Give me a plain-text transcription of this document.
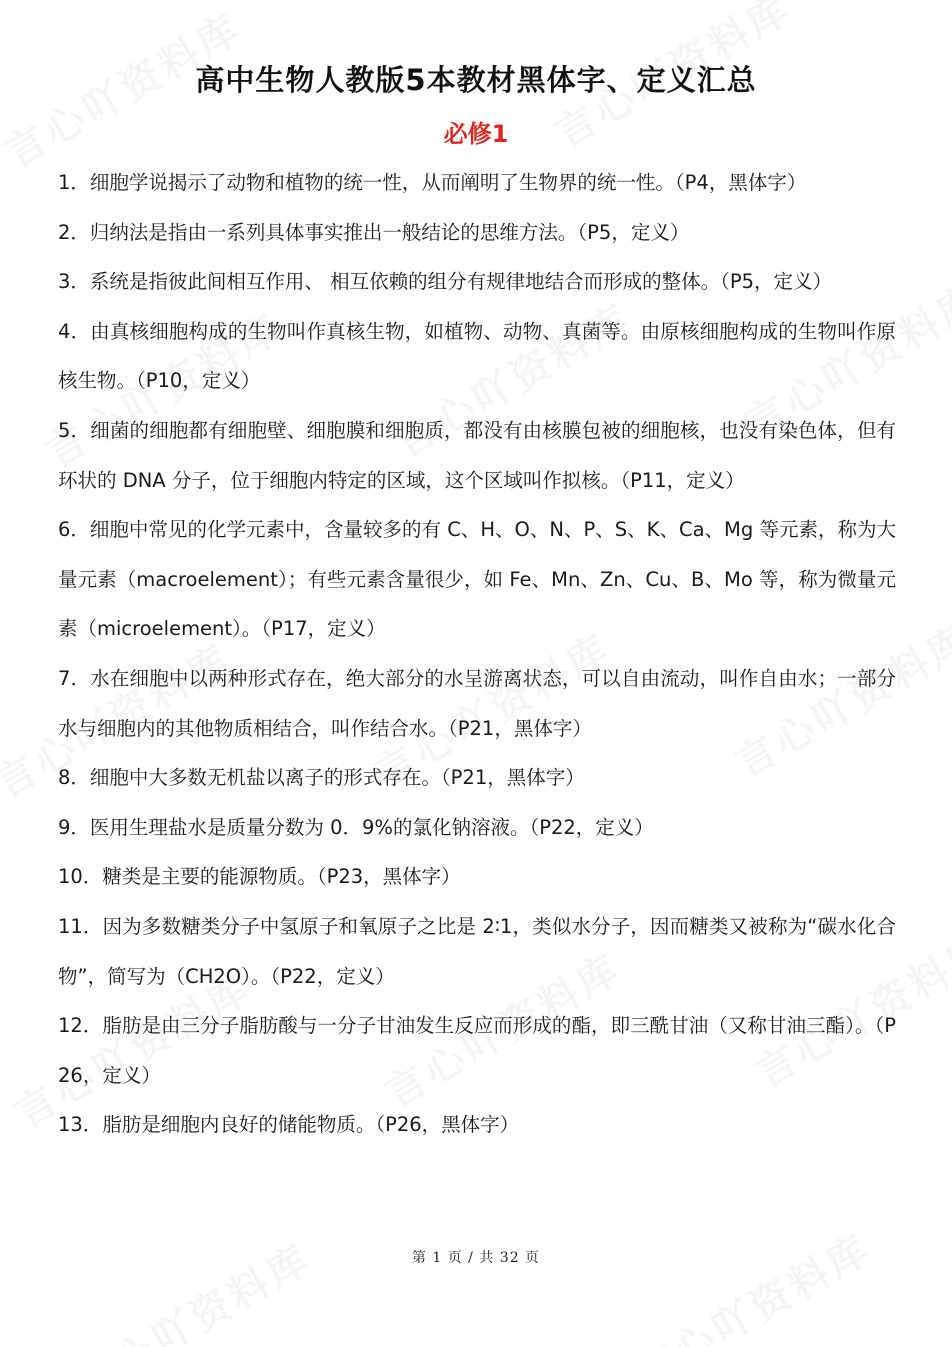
高中生物人教版5本教材黑体字、定义汇总
必修1

1．细胞学说揭示了动物和植物的统一性，从而阐明了生物界的统一性。（P4，黑体字）

2．归纳法是指由一系列具体事实推出一般结论的思维方法。（P5，定义）

3．系统是指彼此间相互作用、 相互依赖的组分有规律地结合而形成的整体。（P5，定义）

4．由真核细胞构成的生物叫作真核生物，如植物、动物、真菌等。由原核细胞构成的生物叫作原核生物。（P10，定义）

5．细菌的细胞都有细胞壁、细胞膜和细胞质，都没有由核膜包被的细胞核，也没有染色体，但有环状的 DNA 分子，位于细胞内特定的区域，这个区域叫作拟核。（P11，定义）

6．细胞中常见的化学元素中，含量较多的有 C、H、O、N、P、S、K、Ca、Mg 等元素，称为大量元素（macroelement）；有些元素含量很少，如 Fe、Mn、Zn、Cu、B、Mo 等，称为微量元素（microelement）。（P17，定义）

7．水在细胞中以两种形式存在，绝大部分的水呈游离状态，可以自由流动，叫作自由水；一部分水与细胞内的其他物质相结合，叫作结合水。（P21，黑体字）

8．细胞中大多数无机盐以离子的形式存在。（P21，黑体字）

9．医用生理盐水是质量分数为 0．9%的氯化钠溶液。（P22，定义）

10．糖类是主要的能源物质。（P23，黑体字）

11．因为多数糖类分子中氢原子和氧原子之比是 2∶1，类似水分子，因而糖类又被称为“碳水化合物”，简写为（CH2O）。（P22，定义）

12．脂肪是由三分子脂肪酸与一分子甘油发生反应而形成的酯，即三酰甘油（又称甘油三酯）。（P26，定义）

13．脂肪是细胞内良好的储能物质。（P26，黑体字）

第 1 页 / 共 32 页
